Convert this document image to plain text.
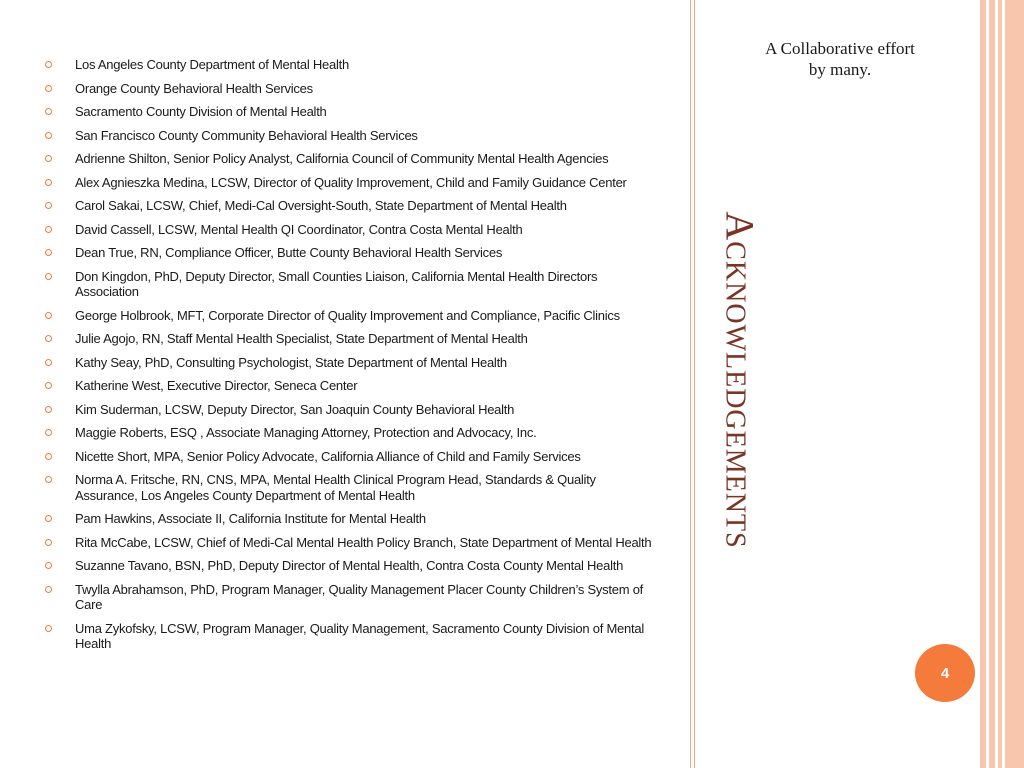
Los Angeles County Department of Mental Health
Orange County Behavioral Health Services
Sacramento County Division of Mental Health
San Francisco County Community Behavioral Health Services
Adrienne Shilton, Senior Policy Analyst, California Council of Community Mental Health Agencies
Alex Agnieszka Medina, LCSW, Director of Quality Improvement, Child and Family Guidance Center
Carol Sakai, LCSW, Chief, Medi-Cal Oversight-South, State Department of Mental Health
David Cassell, LCSW, Mental Health QI Coordinator, Contra Costa Mental Health
Dean True, RN, Compliance Officer, Butte County Behavioral Health Services
Don Kingdon, PhD, Deputy Director, Small Counties Liaison, California Mental Health Directors Association
George Holbrook, MFT, Corporate Director of Quality Improvement and Compliance, Pacific Clinics
Julie Agojo, RN, Staff Mental Health Specialist, State Department of Mental Health
Kathy Seay, PhD, Consulting Psychologist, State Department of Mental Health
Katherine West, Executive Director, Seneca Center
Kim Suderman, LCSW, Deputy Director, San Joaquin County Behavioral Health
Maggie Roberts, ESQ , Associate Managing Attorney, Protection and Advocacy, Inc.
Nicette Short, MPA, Senior Policy Advocate, California Alliance of Child and Family Services
Norma A. Fritsche, RN, CNS, MPA, Mental Health Clinical Program Head, Standards & Quality Assurance, Los Angeles County Department of Mental Health
Pam Hawkins, Associate II, California Institute for Mental Health
Rita McCabe, LCSW, Chief of Medi-Cal Mental Health Policy Branch, State Department of Mental Health
Suzanne Tavano, BSN, PhD, Deputy Director of Mental Health, Contra Costa County Mental Health
Twylla Abrahamson, PhD, Program Manager, Quality Management Placer County Children’s System of Care
Uma Zykofsky, LCSW, Program Manager, Quality Management, Sacramento County Division of Mental Health
A Collaborative effort by many.
Acknowledgements
4
